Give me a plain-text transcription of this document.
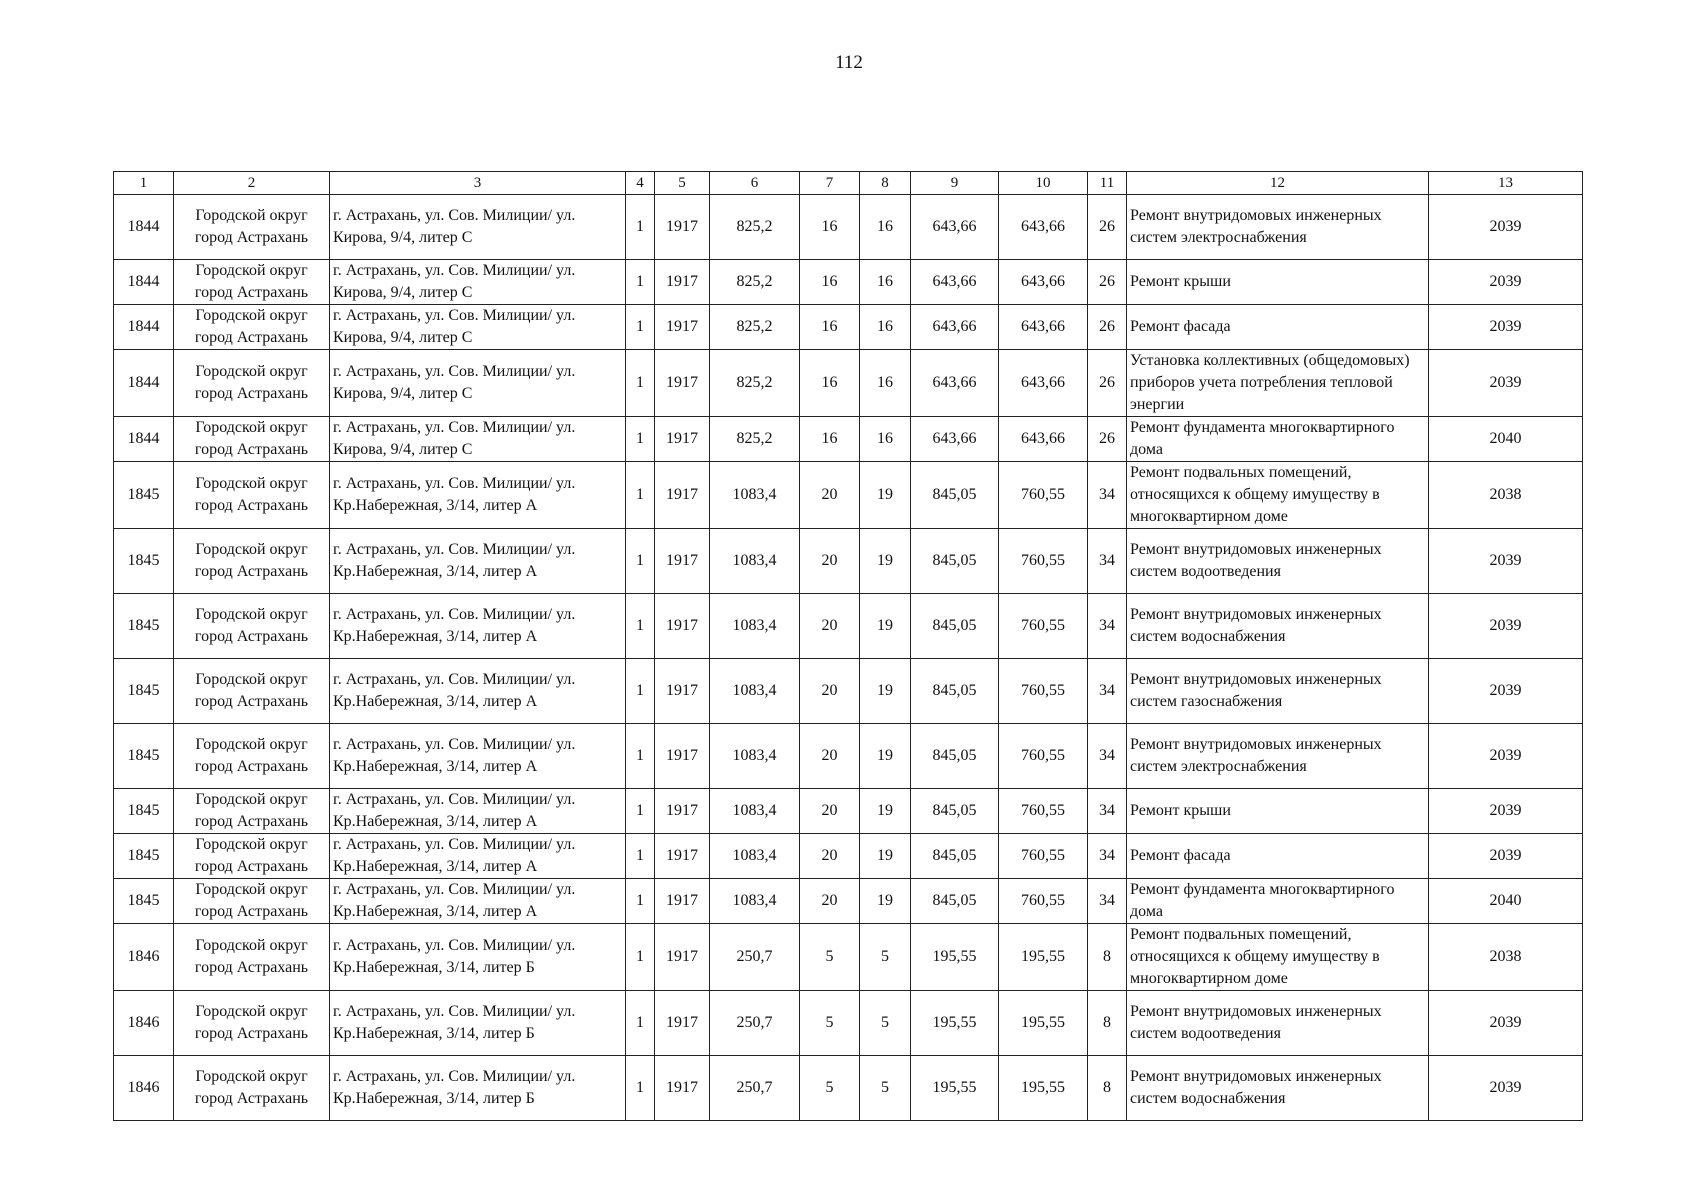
112
1	2	3	4	5	6	7	8	9	10	11	12	13
1844	Городской округ город Астрахань	г. Астрахань, ул. Сов. Милиции/ ул. Кирова, 9/4, литер С	1	1917	825,2	16	16	643,66	643,66	26	Ремонт внутридомовых инженерных систем электроснабжения	2039
1844	Городской округ город Астрахань	г. Астрахань, ул. Сов. Милиции/ ул. Кирова, 9/4, литер С	1	1917	825,2	16	16	643,66	643,66	26	Ремонт крыши	2039
1844	Городской округ город Астрахань	г. Астрахань, ул. Сов. Милиции/ ул. Кирова, 9/4, литер С	1	1917	825,2	16	16	643,66	643,66	26	Ремонт фасада	2039
1844	Городской округ город Астрахань	г. Астрахань, ул. Сов. Милиции/ ул. Кирова, 9/4, литер С	1	1917	825,2	16	16	643,66	643,66	26	Установка коллективных (общедомовых) приборов учета потребления тепловой энергии	2039
1844	Городской округ город Астрахань	г. Астрахань, ул. Сов. Милиции/ ул. Кирова, 9/4, литер С	1	1917	825,2	16	16	643,66	643,66	26	Ремонт фундамента многоквартирного дома	2040
1845	Городской округ город Астрахань	г. Астрахань, ул. Сов. Милиции/ ул. Кр.Набережная, 3/14, литер А	1	1917	1083,4	20	19	845,05	760,55	34	Ремонт подвальных помещений, относящихся к общему имуществу в многоквартирном доме	2038
1845	Городской округ город Астрахань	г. Астрахань, ул. Сов. Милиции/ ул. Кр.Набережная, 3/14, литер А	1	1917	1083,4	20	19	845,05	760,55	34	Ремонт внутридомовых инженерных систем водоотведения	2039
1845	Городской округ город Астрахань	г. Астрахань, ул. Сов. Милиции/ ул. Кр.Набережная, 3/14, литер А	1	1917	1083,4	20	19	845,05	760,55	34	Ремонт внутридомовых инженерных систем водоснабжения	2039
1845	Городской округ город Астрахань	г. Астрахань, ул. Сов. Милиции/ ул. Кр.Набережная, 3/14, литер А	1	1917	1083,4	20	19	845,05	760,55	34	Ремонт внутридомовых инженерных систем газоснабжения	2039
1845	Городской округ город Астрахань	г. Астрахань, ул. Сов. Милиции/ ул. Кр.Набережная, 3/14, литер А	1	1917	1083,4	20	19	845,05	760,55	34	Ремонт внутридомовых инженерных систем электроснабжения	2039
1845	Городской округ город Астрахань	г. Астрахань, ул. Сов. Милиции/ ул. Кр.Набережная, 3/14, литер А	1	1917	1083,4	20	19	845,05	760,55	34	Ремонт крыши	2039
1845	Городской округ город Астрахань	г. Астрахань, ул. Сов. Милиции/ ул. Кр.Набережная, 3/14, литер А	1	1917	1083,4	20	19	845,05	760,55	34	Ремонт фасада	2039
1845	Городской округ город Астрахань	г. Астрахань, ул. Сов. Милиции/ ул. Кр.Набережная, 3/14, литер А	1	1917	1083,4	20	19	845,05	760,55	34	Ремонт фундамента многоквартирного дома	2040
1846	Городской округ город Астрахань	г. Астрахань, ул. Сов. Милиции/ ул. Кр.Набережная, 3/14, литер Б	1	1917	250,7	5	5	195,55	195,55	8	Ремонт подвальных помещений, относящихся к общему имуществу в многоквартирном доме	2038
1846	Городской округ город Астрахань	г. Астрахань, ул. Сов. Милиции/ ул. Кр.Набережная, 3/14, литер Б	1	1917	250,7	5	5	195,55	195,55	8	Ремонт внутридомовых инженерных систем водоотведения	2039
1846	Городской округ город Астрахань	г. Астрахань, ул. Сов. Милиции/ ул. Кр.Набережная, 3/14, литер Б	1	1917	250,7	5	5	195,55	195,55	8	Ремонт внутридомовых инженерных систем водоснабжения	2039
